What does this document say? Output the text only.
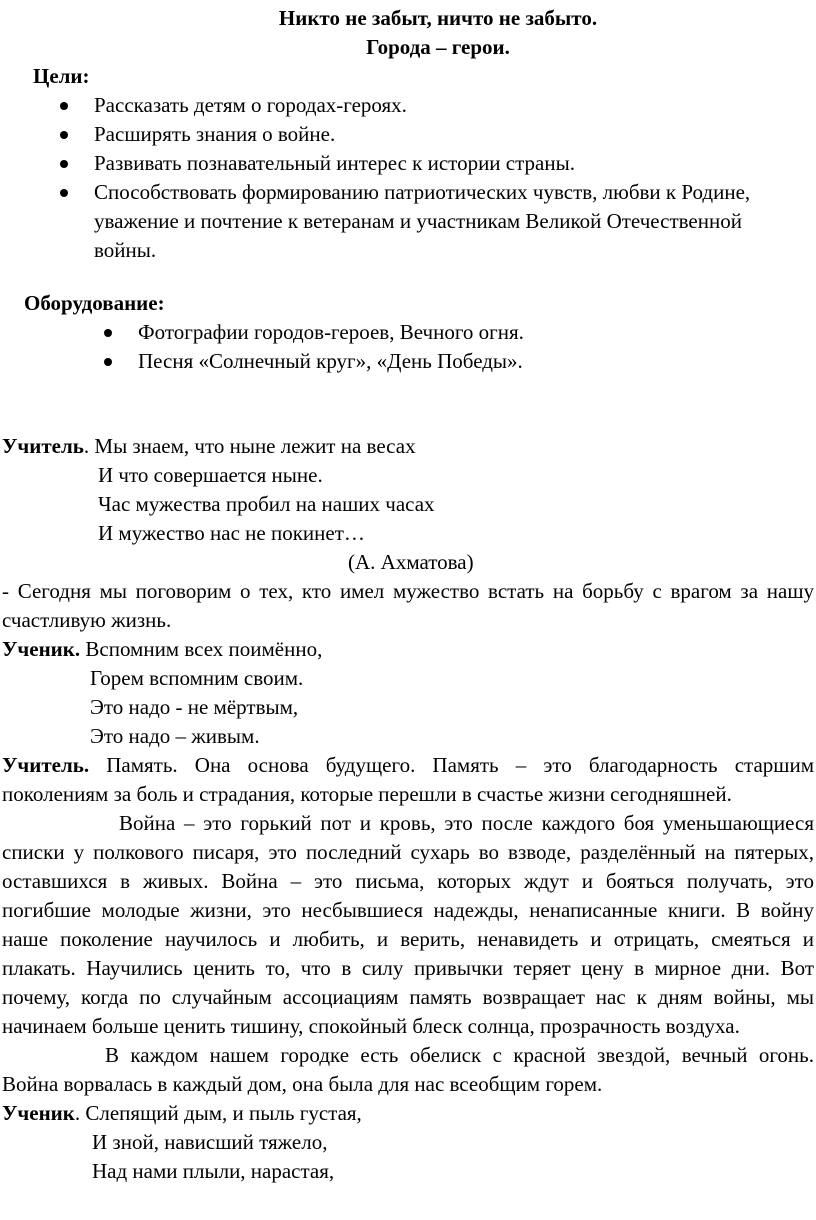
Никто не забыт, ничто не забыто.
Города – герои.
Цели:
Рассказать детям о городах-героях.
Расширять знания о войне.
Развивать познавательный интерес к истории страны.
Способствовать формированию патриотических чувств, любви к Родине, уважение и почтение к ветеранам и участникам Великой Отечественной войны.
Оборудование:
Фотографии городов-героев, Вечного огня.
Песня «Солнечный круг», «День Победы».

Учитель. Мы знаем, что ныне лежит на весах

И что совершается ныне.

Час мужества пробил на наших часах

И мужество нас не покинет…

(А. Ахматова)

- Сегодня мы поговорим о тех, кто имел мужество встать на борьбу с врагом за нашу счастливую жизнь.

Ученик. Вспомним всех поимённо,

Горем вспомним своим.

Это надо - не мёртвым,

Это надо – живым.

Учитель. Память. Она основа будущего. Память – это благодарность старшим поколениям за боль и страдания, которые перешли в счастье жизни сегодняшней.

Война – это горький пот и кровь, это после каждого боя уменьшающиеся списки у полкового писаря, это последний сухарь во взводе, разделённый на пятерых, оставшихся в живых. Война – это письма, которых ждут и бояться получать, это погибшие молодые жизни, это несбывшиеся надежды, ненаписанные книги. В войну наше поколение научилось и любить, и верить, ненавидеть и отрицать, смеяться и плакать. Научились ценить то, что в силу привычки теряет цену в мирное дни. Вот почему, когда по случайным ассоциациям память возвращает нас к дням войны, мы начинаем больше ценить тишину, спокойный блеск солнца, прозрачность воздуха.

В каждом нашем городке есть обелиск с красной звездой, вечный огонь. Война ворвалась в каждый дом, она была для нас всеобщим горем.

Ученик. Слепящий дым, и пыль густая,

И зной, нависший тяжело,

Над нами плыли, нарастая,
